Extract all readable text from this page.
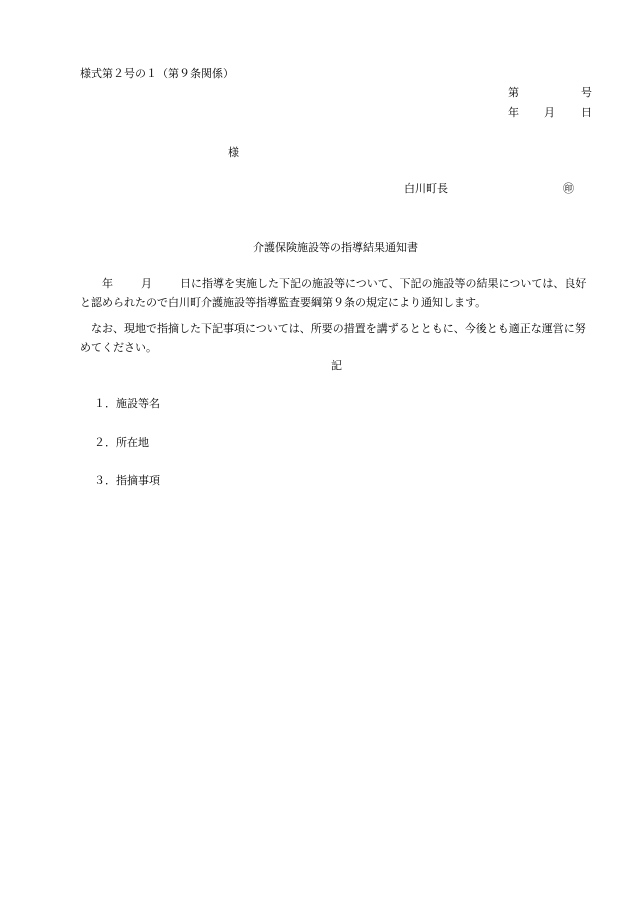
様式第２号の１（第９条関係）
第	号
年 月 日
様
白川町長	㊞
介護保険施設等の指導結果通知書
年	月	日に指導を実施した下記の施設等について、下記の施設等の結果については、良好と認められたので白川町介護施設等指導監査要綱第９条の規定により通知します。
なお、現地で指摘した下記事項については、所要の措置を講ずるとともに、今後とも適正な運営に努めてください。
記
１．施設等名
２．所在地
３．指摘事項
